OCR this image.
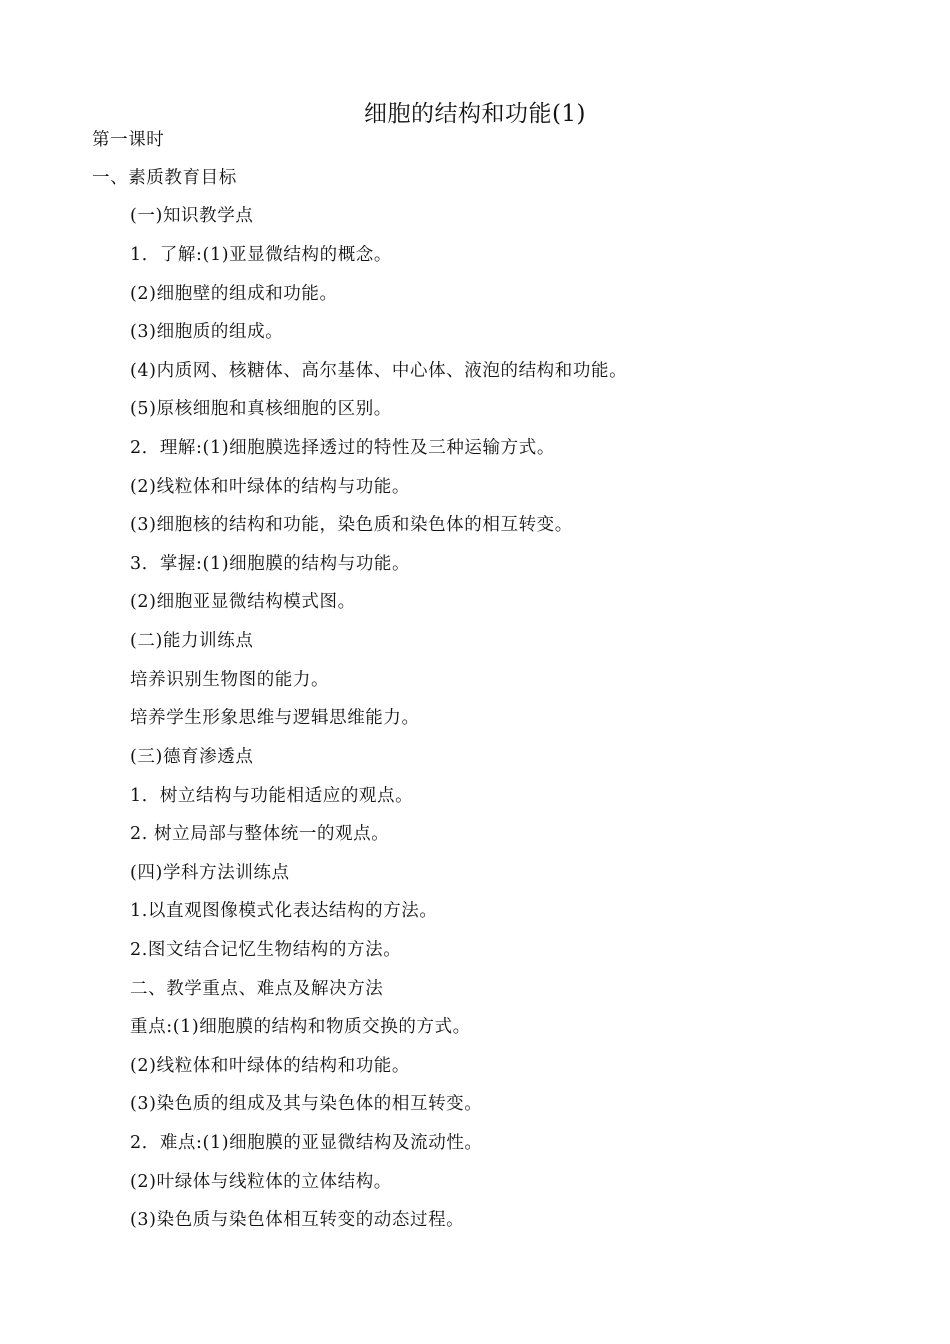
细胞的结构和功能(1)
第一课时
一、素质教育目标
(一)知识教学点
1．了解:(1)亚显微结构的概念。
(2)细胞壁的组成和功能。
(3)细胞质的组成。
(4)内质网、核糖体、高尔基体、中心体、液泡的结构和功能。
(5)原核细胞和真核细胞的区别。
2．理解:(1)细胞膜选择透过的特性及三种运输方式。
(2)线粒体和叶绿体的结构与功能。
(3)细胞核的结构和功能，染色质和染色体的相互转变。
3．掌握:(1)细胞膜的结构与功能。
(2)细胞亚显微结构模式图。
(二)能力训练点
培养识别生物图的能力。
培养学生形象思维与逻辑思维能力。
(三)德育渗透点
1．树立结构与功能相适应的观点。
2. 树立局部与整体统一的观点。
(四)学科方法训练点
1.以直观图像模式化表达结构的方法。
2.图文结合记忆生物结构的方法。
二、教学重点、难点及解决方法
重点:(1)细胞膜的结构和物质交换的方式。
(2)线粒体和叶绿体的结构和功能。
(3)染色质的组成及其与染色体的相互转变。
2．难点:(1)细胞膜的亚显微结构及流动性。
(2)叶绿体与线粒体的立体结构。
(3)染色质与染色体相互转变的动态过程。
